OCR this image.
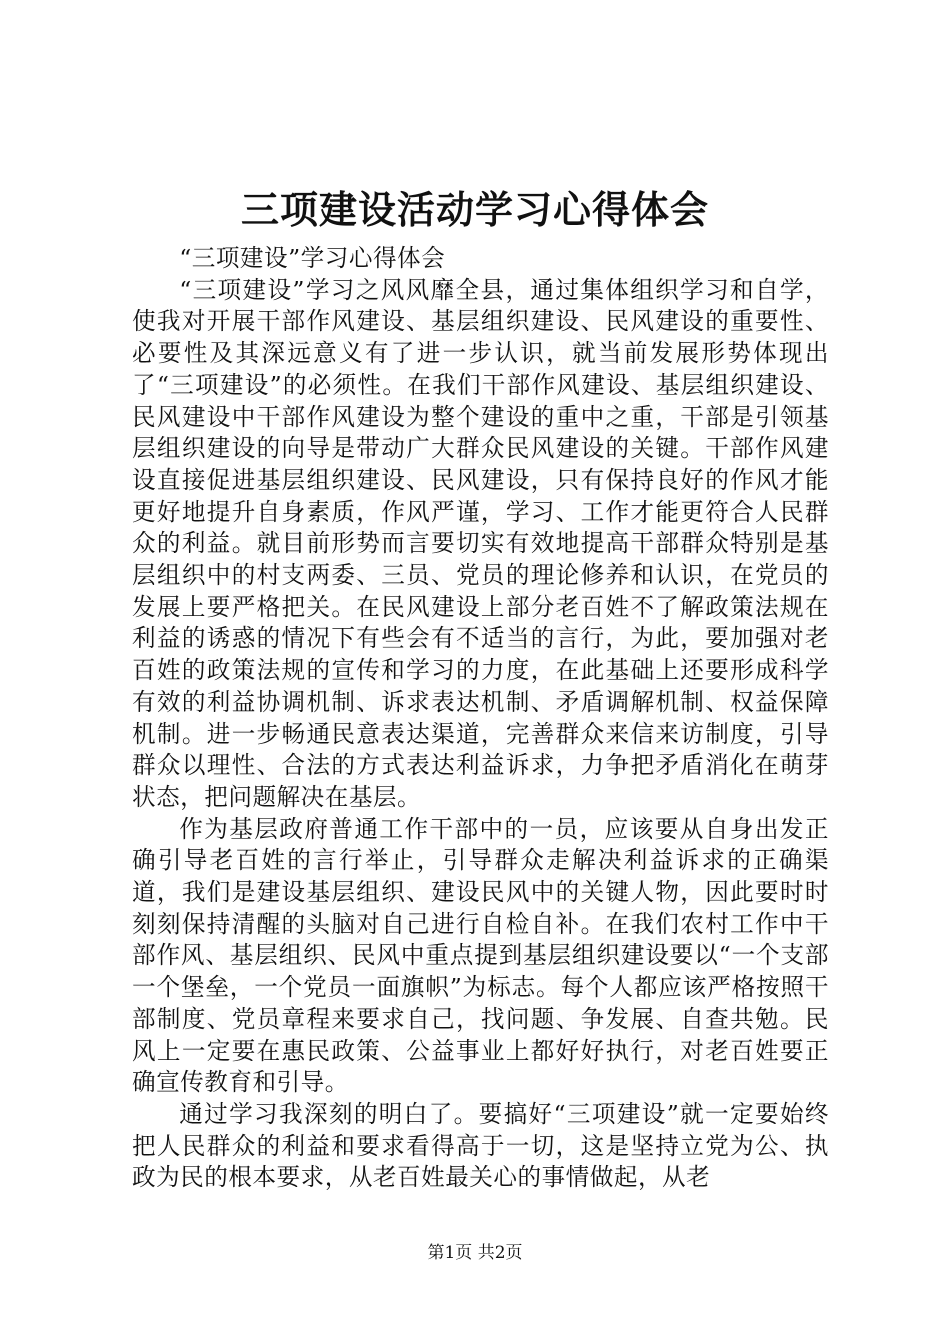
三项建设活动学习心得体会

“三项建设”学习心得体会

“三项建设”学习之风风靡全县，通过集体组织学习和自学，使我对开展干部作风建设、基层组织建设、民风建设的重要性、必要性及其深远意义有了进一步认识，就当前发展形势体现出了“三项建设”的必须性。在我们干部作风建设、基层组织建设、民风建设中干部作风建设为整个建设的重中之重，干部是引领基层组织建设的向导是带动广大群众民风建设的关键。干部作风建设直接促进基层组织建设、民风建设，只有保持良好的作风才能更好地提升自身素质，作风严谨，学习、工作才能更符合人民群众的利益。就目前形势而言要切实有效地提高干部群众特别是基层组织中的村支两委、三员、党员的理论修养和认识，在党员的发展上要严格把关。在民风建设上部分老百姓不了解政策法规在利益的诱惑的情况下有些会有不适当的言行，为此，要加强对老百姓的政策法规的宣传和学习的力度，在此基础上还要形成科学有效的利益协调机制、诉求表达机制、矛盾调解机制、权益保障机制。进一步畅通民意表达渠道，完善群众来信来访制度，引导群众以理性、合法的方式表达利益诉求，力争把矛盾消化在萌芽状态，把问题解决在基层。

作为基层政府普通工作干部中的一员，应该要从自身出发正确引导老百姓的言行举止，引导群众走解决利益诉求的正确渠道，我们是建设基层组织、建设民风中的关键人物，因此要时时刻刻保持清醒的头脑对自己进行自检自补。在我们农村工作中干部作风、基层组织、民风中重点提到基层组织建设要以“一个支部一个堡垒，一个党员一面旗帜”为标志。每个人都应该严格按照干部制度、党员章程来要求自己，找问题、争发展、自查共勉。民风上一定要在惠民政策、公益事业上都好好执行，对老百姓要正确宣传教育和引导。

通过学习我深刻的明白了。要搞好“三项建设”就一定要始终把人民群众的利益和要求看得高于一切，这是坚持立党为公、执政为民的根本要求，从老百姓最关心的事情做起，从老

第1页 共2页
